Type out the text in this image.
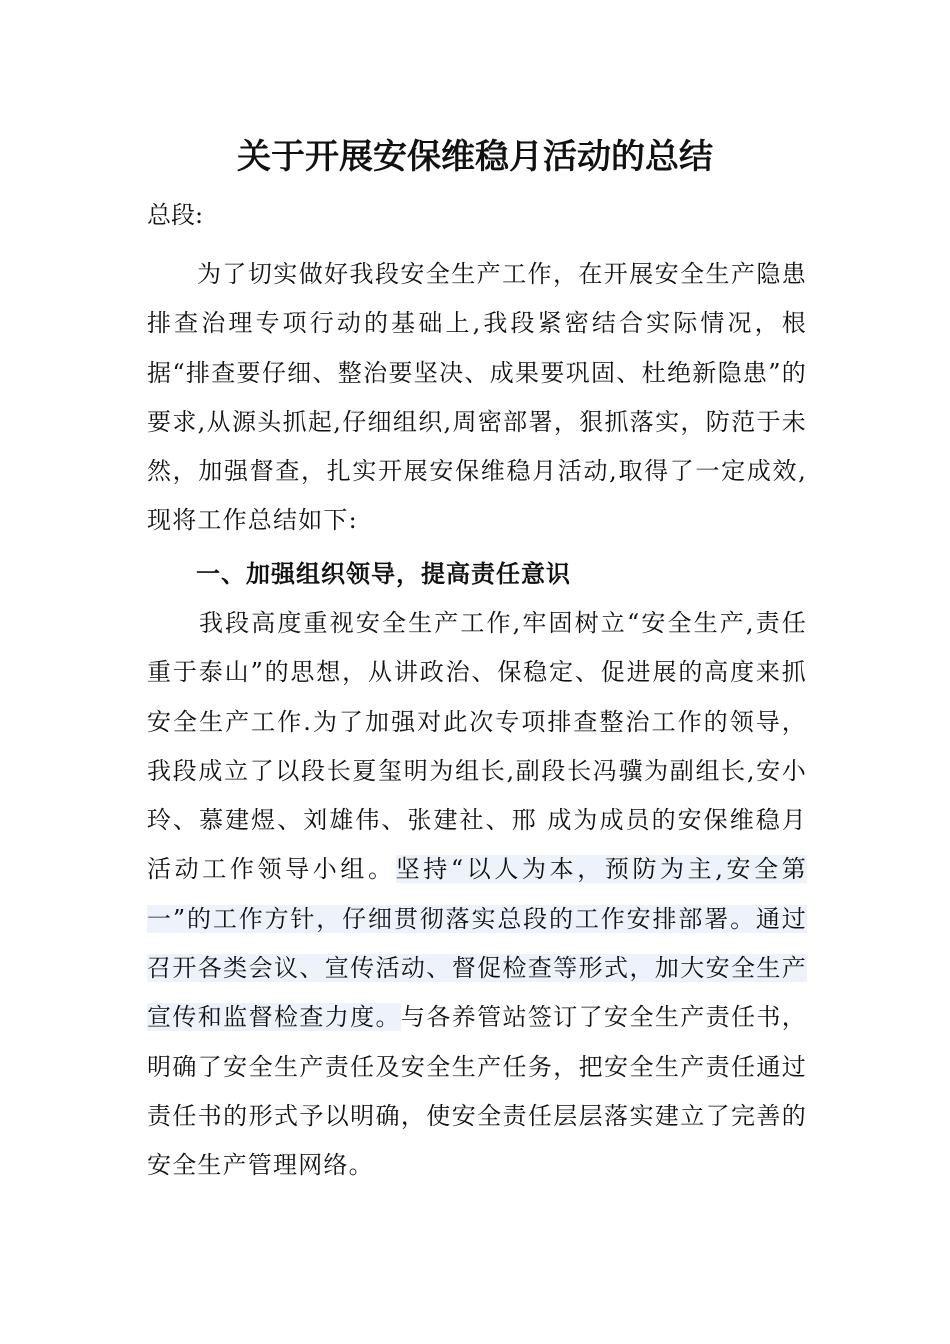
关于开展安保维稳月活动的总结
总段:

为了切实做好我段安全生产工作，在开展安全生产隐患排查治理专项行动的基础上,我段紧密结合实际情况，根据“排查要仔细、整治要坚决、成果要巩固、杜绝新隐患”的要求,从源头抓起,仔细组织,周密部署，狠抓落实，防范于未然，加强督查，扎实开展安保维稳月活动,取得了一定成效,现将工作总结如下:

一、加强组织领导，提高责任意识

我段高度重视安全生产工作,牢固树立“安全生产,责任重于泰山”的思想，从讲政治、保稳定、促进展的高度来抓安全生产工作.为了加强对此次专项排查整治工作的领导，我段成立了以段长夏玺明为组长,副段长冯骥为副组长,安小玲、慕建煜、刘雄伟、张建社、邢 成为成员的安保维稳月活动工作领导小组。坚持“以人为本，预防为主,安全第一”的工作方针，仔细贯彻落实总段的工作安排部署。通过召开各类会议、宣传活动、督促检查等形式，加大安全生产宣传和监督检查力度。与各养管站签订了安全生产责任书，明确了安全生产责任及安全生产任务，把安全生产责任通过责任书的形式予以明确，使安全责任层层落实建立了完善的安全生产管理网络。
